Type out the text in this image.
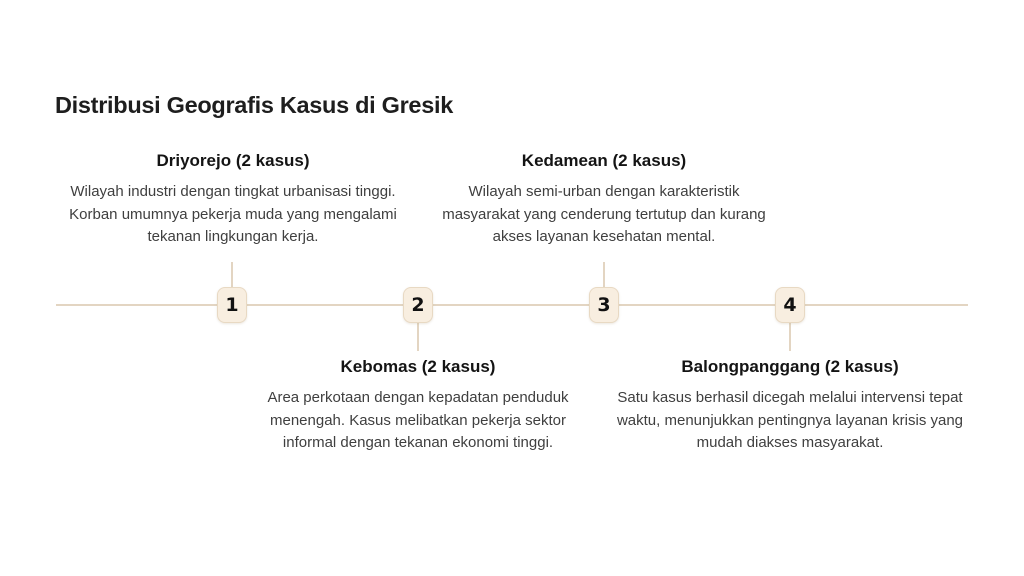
Distribusi Geografis Kasus di Gresik
1	2	3	4
Driyorejo (2 kasus)
Wilayah industri dengan tingkat urbanisasi tinggi. Korban umumnya pekerja muda yang mengalami tekanan lingkungan kerja.
Kedamean (2 kasus)
Wilayah semi-urban dengan karakteristik masyarakat yang cenderung tertutup dan kurang akses layanan kesehatan mental.
Kebomas (2 kasus)
Area perkotaan dengan kepadatan penduduk menengah. Kasus melibatkan pekerja sektor informal dengan tekanan ekonomi tinggi.
Balongpanggang (2 kasus)
Satu kasus berhasil dicegah melalui intervensi tepat waktu, menunjukkan pentingnya layanan krisis yang mudah diakses masyarakat.
